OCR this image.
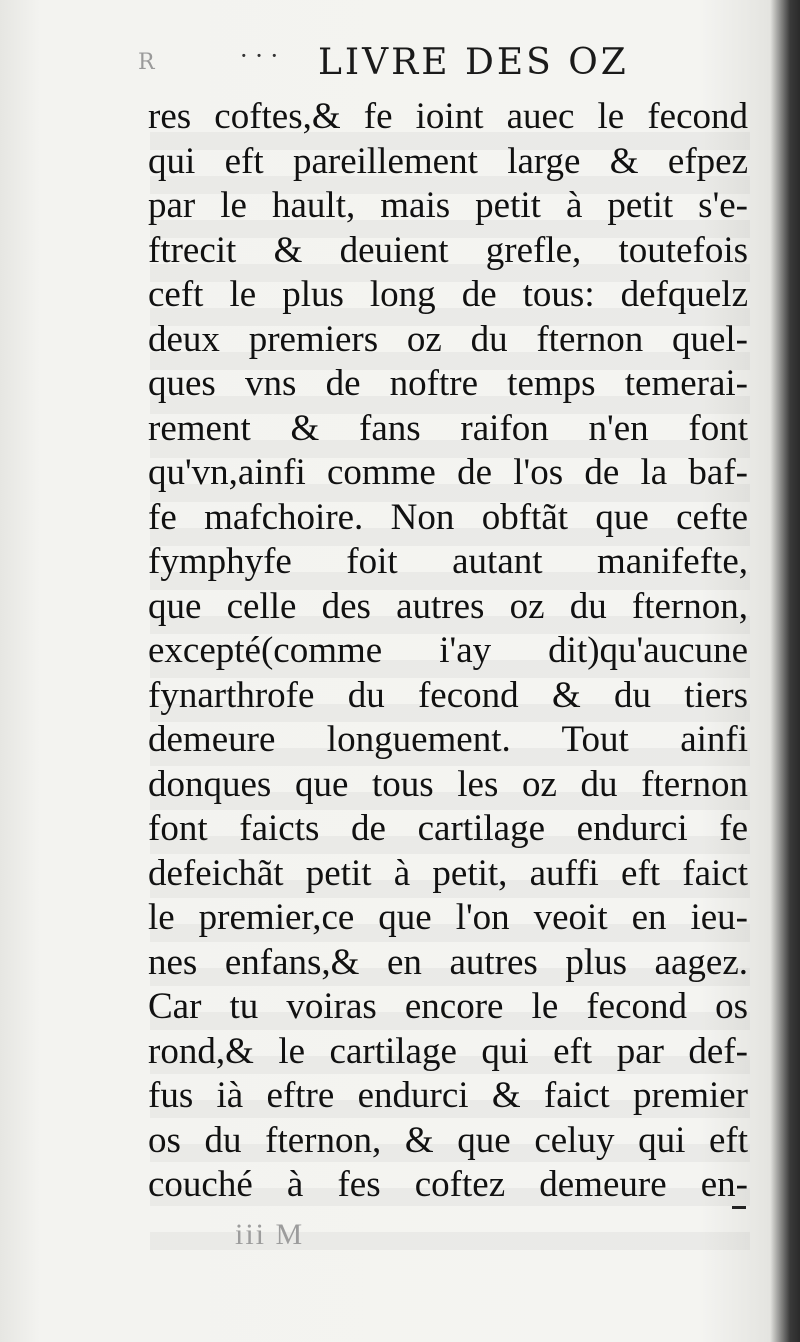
R	· · · LIVRE DES OZ
res coftes,& fe ioint auec le fecond
qui eft pareillement large & efpez
par le hault, mais petit à petit s'e-
ftrecit & deuient grefle, toutefois
ceft le plus long de tous: defquelz
deux premiers oz du fternon quel-
ques vns de noftre temps temerai-
rement & fans raifon n'en font
qu'vn,ainfi comme de l'os de la baf-
fe mafchoire. Non obftãt que cefte
fymphyfe foit autant manifefte,
que celle des autres oz du fternon,
excepté(comme i'ay dit)qu'aucune
fynarthrofe du fecond & du tiers
demeure longuement. Tout ainfi
donques que tous les oz du fternon
font faicts de cartilage endurci fe
defeichãt petit à petit, auffi eft faict
le premier,ce que l'on veoit en ieu-
nes enfans,& en autres plus aagez.
Car tu voiras encore le fecond os
rond,& le cartilage qui eft par def-
fus ià eftre endurci & faict premier
os du fternon, & que celuy qui eft
couché à fes coftez demeure en-
iii M
